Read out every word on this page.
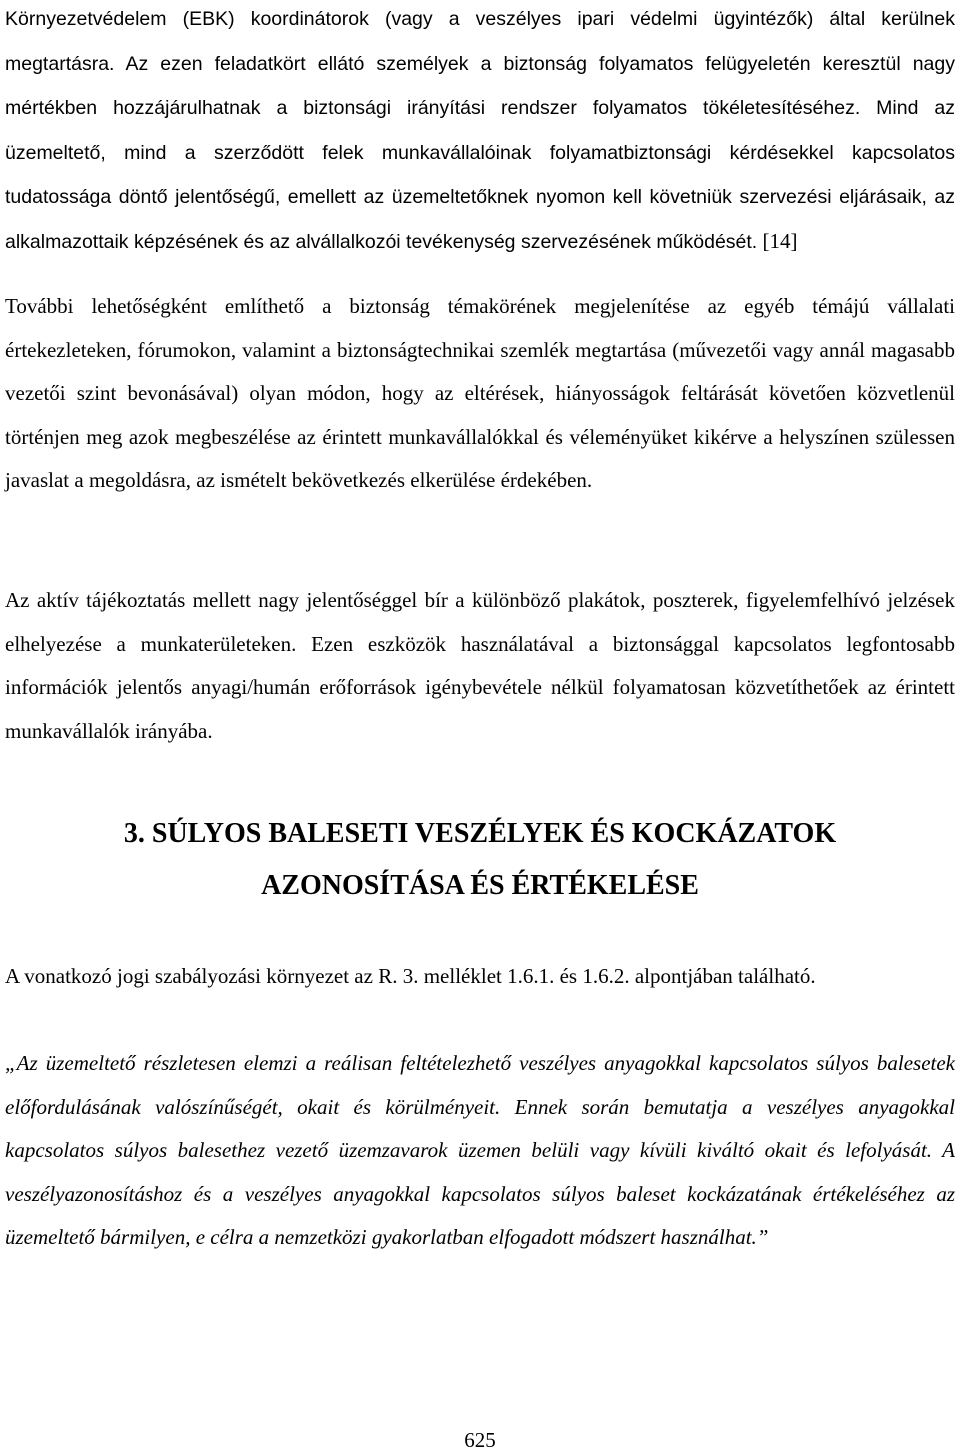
Környezetvédelem (EBK) koordinátorok (vagy a veszélyes ipari védelmi ügyintézők) által kerülnek megtartásra. Az ezen feladatkört ellátó személyek a biztonság folyamatos felügyeletén keresztül nagy mértékben hozzájárulhatnak a biztonsági irányítási rendszer folyamatos tökéletesítéséhez. Mind az üzemeltető, mind a szerződött felek munkavállalóinak folyamatbiztonsági kérdésekkel kapcsolatos tudatossága döntő jelentőségű, emellett az üzemeltetőknek nyomon kell követniük szervezési eljárásaik, az alkalmazottaik képzésének és az alvállalkozói tevékenység szervezésének működését. [14]

További lehetőségként említhető a biztonság témakörének megjelenítése az egyéb témájú vállalati értekezleteken, fórumokon, valamint a biztonságtechnikai szemlék megtartása (művezetői vagy annál magasabb vezetői szint bevonásával) olyan módon, hogy az eltérések, hiányosságok feltárását követően közvetlenül történjen meg azok megbeszélése az érintett munkavállalókkal és véleményüket kikérve a helyszínen szülessen javaslat a megoldásra, az ismételt bekövetkezés elkerülése érdekében.

Az aktív tájékoztatás mellett nagy jelentőséggel bír a különböző plakátok, poszterek, figyelemfelhívó jelzések elhelyezése a munkaterületeken. Ezen eszközök használatával a biztonsággal kapcsolatos legfontosabb információk jelentős anyagi/humán erőforrások igénybevétele nélkül folyamatosan közvetíthetőek az érintett munkavállalók irányába.

3. SÚLYOS BALESETI VESZÉLYEK ÉS KOCKÁZATOK

AZONOSÍTÁSA ÉS ÉRTÉKELÉSE

A vonatkozó jogi szabályozási környezet az R. 3. melléklet 1.6.1. és 1.6.2. alpontjában található.

„Az üzemeltető részletesen elemzi a reálisan feltételezhető veszélyes anyagokkal kapcsolatos súlyos balesetek előfordulásának valószínűségét, okait és körülményeit. Ennek során bemutatja a veszélyes anyagokkal kapcsolatos súlyos balesethez vezető üzemzavarok üzemen belüli vagy kívüli kiváltó okait és lefolyását. A veszélyazonosításhoz és a veszélyes anyagokkal kapcsolatos súlyos baleset kockázatának értékeléséhez az üzemeltető bármilyen, e célra a nemzetközi gyakorlatban elfogadott módszert használhat.”

625
